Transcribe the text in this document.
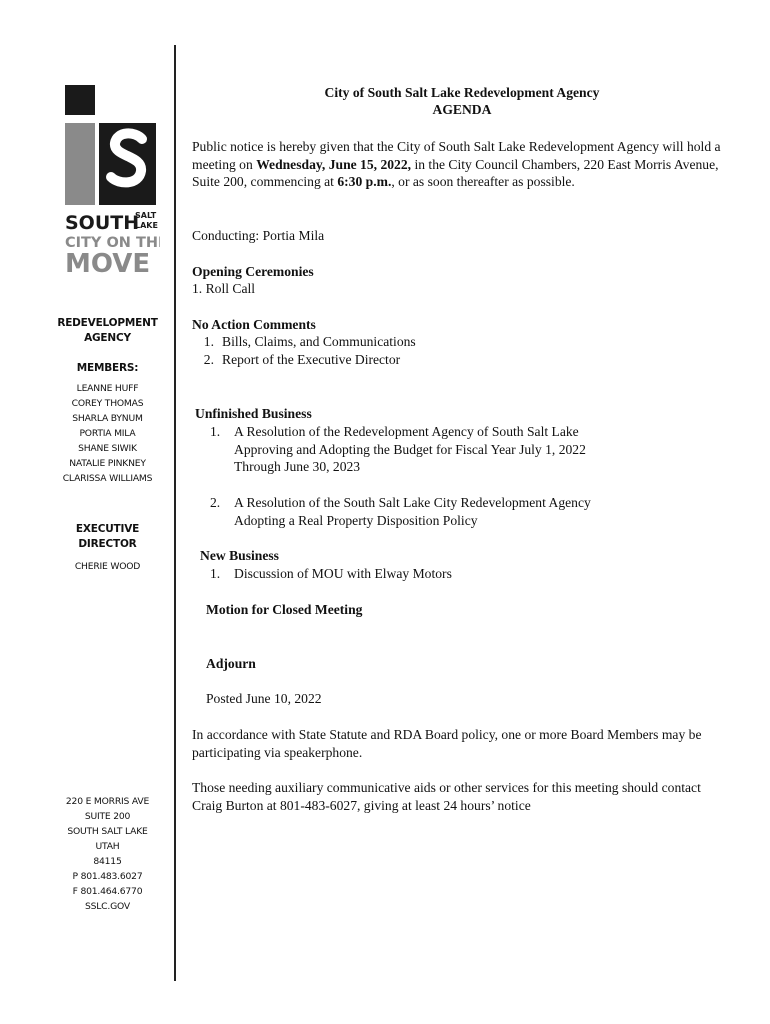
SOUTH
SALT
LAKE
CITY ON THE
MOVE
REDEVELOPMENT
AGENCY
MEMBERS:
LEANNE HUFF
COREY THOMAS
SHARLA BYNUM
PORTIA MILA
SHANE SIWIK
NATALIE PINKNEY
CLARISSA WILLIAMS
EXECUTIVE
DIRECTOR
CHERIE WOOD
220 E MORRIS AVE
SUITE 200
SOUTH SALT LAKE
UTAH
84115
P 801.483.6027
F 801.464.6770
SSLC.GOV
City of South Salt Lake Redevelopment Agency
AGENDA
Public notice is hereby given that the City of South Salt Lake Redevelopment Agency will hold a meeting on Wednesday, June 15, 2022, in the City Council Chambers, 220 East Morris Avenue, Suite 200, commencing at 6:30 p.m., or as soon thereafter as possible.
Conducting: Portia Mila
Opening Ceremonies
1. Roll Call
No Action Comments
1. Bills, Claims, and Communications
2. Report of the Executive Director
Unfinished Business
1. A Resolution of the Redevelopment Agency of South Salt Lake
Approving and Adopting the Budget for Fiscal Year July 1, 2022
Through June 30, 2023
2. A Resolution of the South Salt Lake City Redevelopment Agency
Adopting a Real Property Disposition Policy
New Business
1. Discussion of MOU with Elway Motors
Motion for Closed Meeting
Adjourn
Posted June 10, 2022
In accordance with State Statute and RDA Board policy, one or more Board Members may be participating via speakerphone.
Those needing auxiliary communicative aids or other services for this meeting should contact Craig Burton at 801-483-6027, giving at least 24 hours’ notice
